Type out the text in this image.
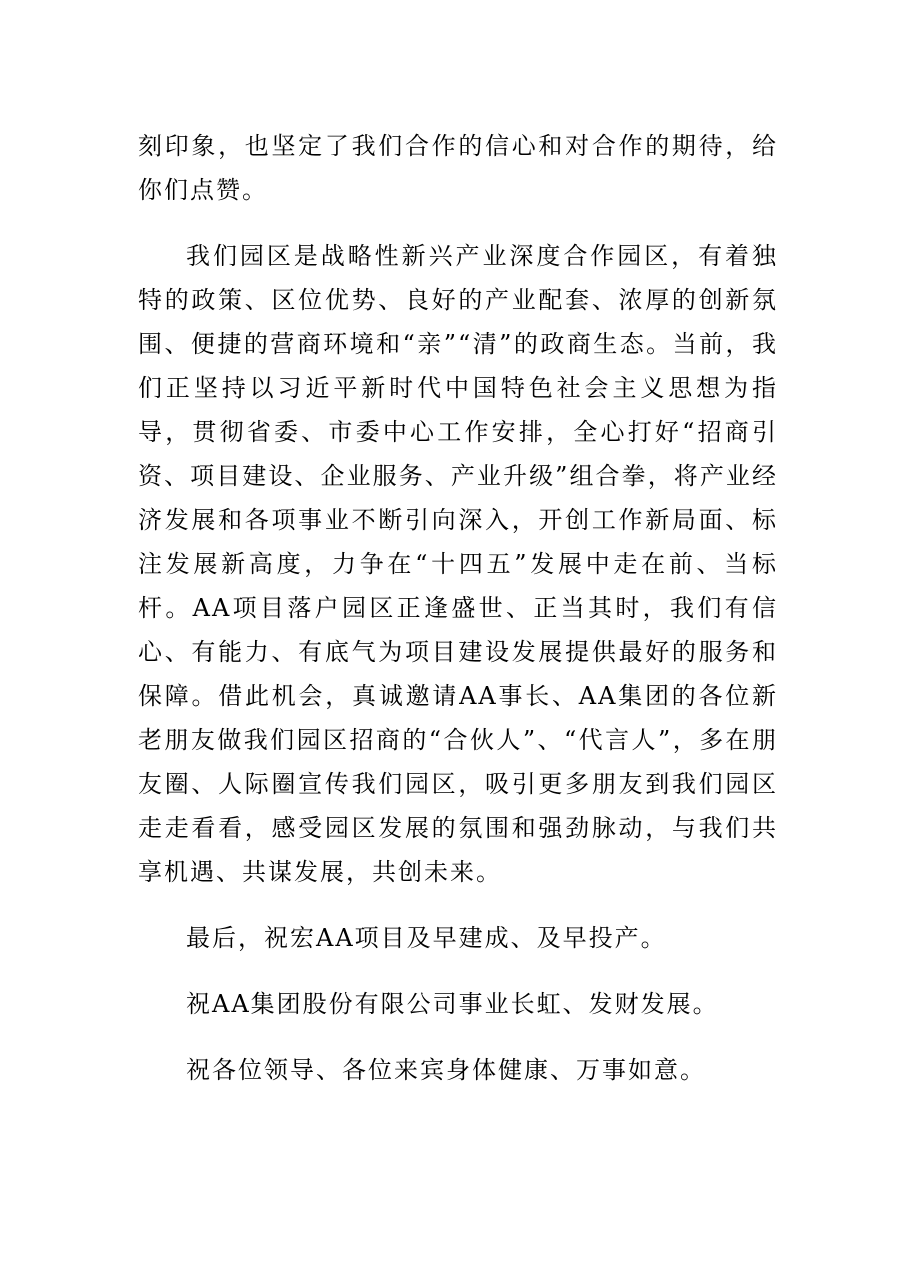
刻印象，也坚定了我们合作的信心和对合作的期待，给你们点赞。

我们园区是战略性新兴产业深度合作园区，有着独特的政策、区位优势、良好的产业配套、浓厚的创新氛围、便捷的营商环境和“亲”“清”的政商生态。当前，我们正坚持以习近平新时代中国特色社会主义思想为指导，贯彻省委、市委中心工作安排，全心打好“招商引资、项目建设、企业服务、产业升级”组合拳，将产业经济发展和各项事业不断引向深入，开创工作新局面、标注发展新高度，力争在“十四五”发展中走在前、当标杆。AA项目落户园区正逢盛世、正当其时，我们有信心、有能力、有底气为项目建设发展提供最好的服务和保障。借此机会，真诚邀请AA事长、AA集团的各位新老朋友做我们园区招商的“合伙人”、“代言人”，多在朋友圈、人际圈宣传我们园区，吸引更多朋友到我们园区走走看看，感受园区发展的氛围和强劲脉动，与我们共享机遇、共谋发展，共创未来。

最后，祝宏AA项目及早建成、及早投产。

祝AA集团股份有限公司事业长虹、发财发展。

祝各位领导、各位来宾身体健康、万事如意。
